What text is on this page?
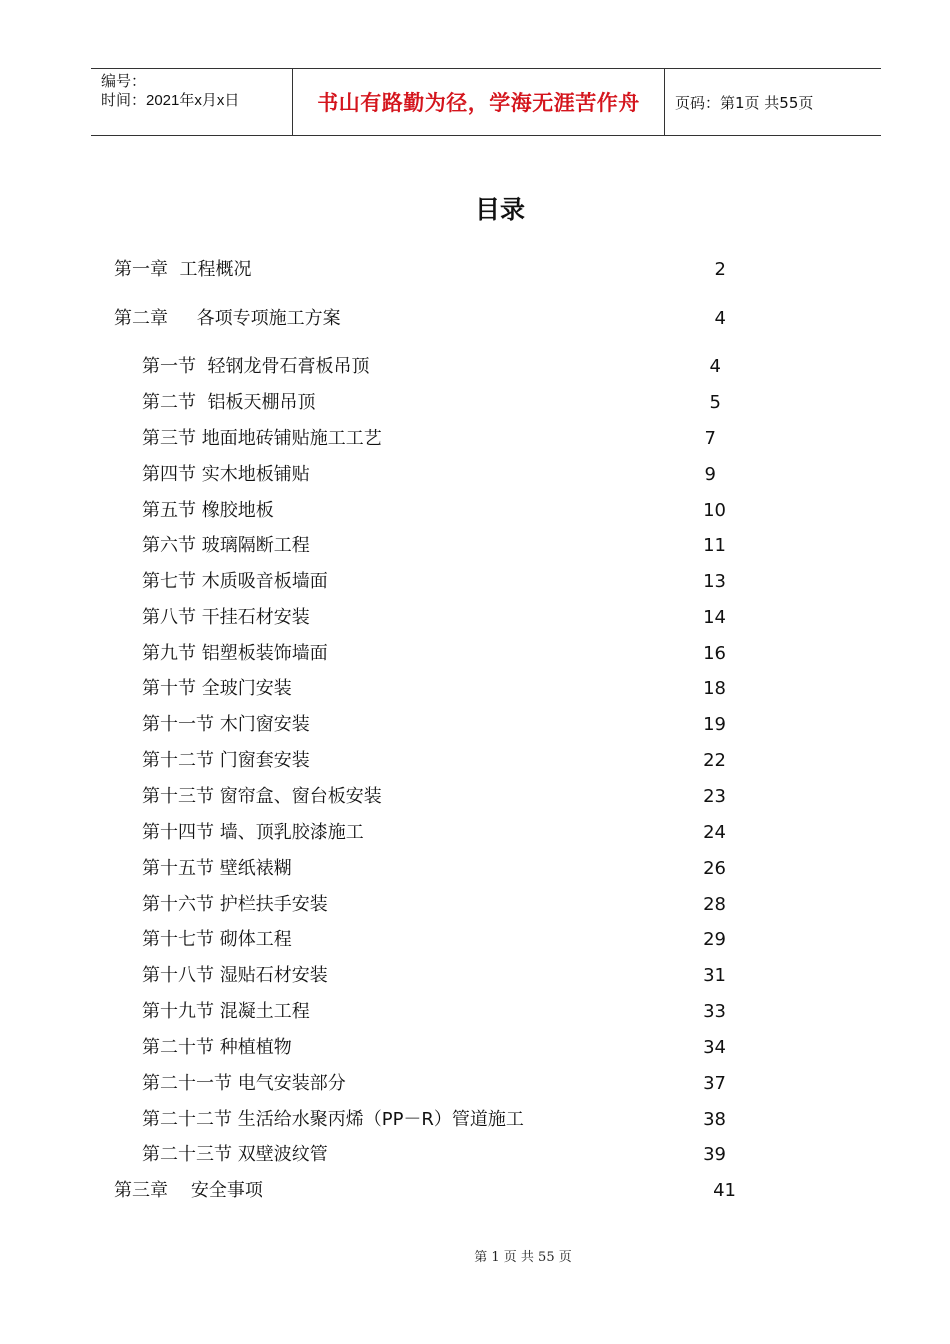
编号：
时间：2021年x月x日	书山有路勤为径，学海无涯苦作舟	页码：第1页 共55页
目录
第一章  工程概况	2
第二章     各项专项施工方案	4
第一节  轻钢龙骨石膏板吊顶	4
第二节  铝板天棚吊顶	5
第三节 地面地砖铺贴施工工艺	7
第四节 实木地板铺贴	9
第五节 橡胶地板	10
第六节 玻璃隔断工程	11
第七节 木质吸音板墙面	13
第八节 干挂石材安装	14
第九节 铝塑板装饰墙面	16
第十节 全玻门安装	18
第十一节 木门窗安装	19
第十二节 门窗套安装	22
第十三节 窗帘盒、窗台板安装	23
第十四节 墙、顶乳胶漆施工	24
第十五节 壁纸裱糊	26
第十六节 护栏扶手安装	28
第十七节 砌体工程	29
第十八节 湿贴石材安装	31
第十九节 混凝土工程	33
第二十节 种植植物	34
第二十一节 电气安装部分	37
第二十二节 生活给水聚丙烯（PP－R）管道施工	38
第二十三节 双壁波纹管	39
第三章    安全事项	41
第 1 页 共 55 页
